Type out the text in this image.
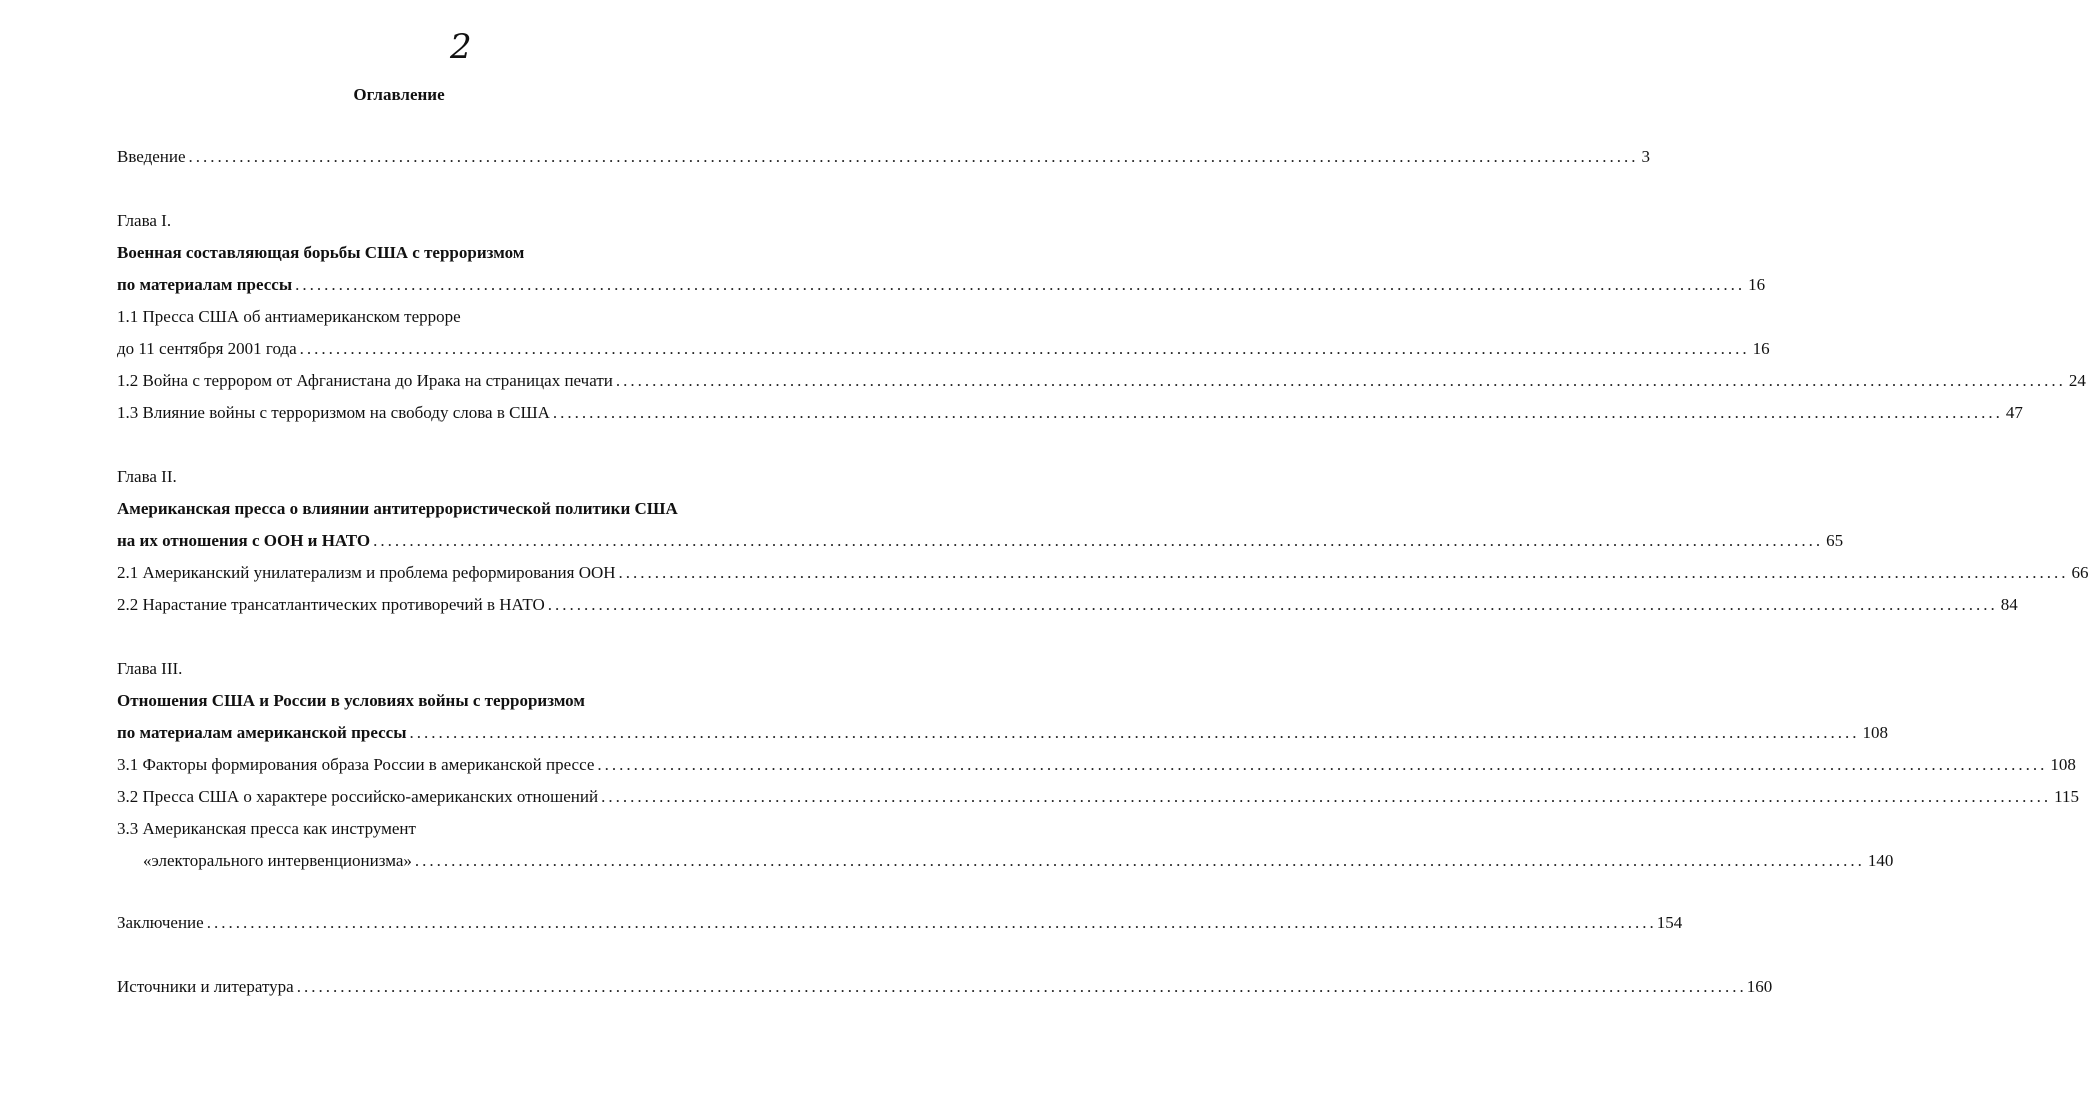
2
Оглавление
Введение ........................................................................................................................................................................................................ 3
Глава I.
Военная составляющая борьбы США с терроризмом
по материалам прессы ........................................................................................................................................................................................................ 16
1.1 Пресса США об антиамериканском терроре
до 11 сентября 2001 года ........................................................................................................................................................................................................ 16
1.2 Война с террором от Афганистана до Ирака на страницах печати ........................................................................................................................................................................................................ 24
1.3 Влияние войны с терроризмом на свободу слова в США ........................................................................................................................................................................................................ 47
Глава II.
Американская пресса о влиянии антитеррористической политики США
на их отношения с ООН и НАТО ........................................................................................................................................................................................................ 65
2.1 Американский унилатерализм и проблема реформирования ООН ........................................................................................................................................................................................................ 66
2.2 Нарастание трансатлантических противоречий в НАТО ........................................................................................................................................................................................................ 84
Глава III.
Отношения США и России в условиях войны с терроризмом
по материалам американской прессы ........................................................................................................................................................................................................ 108
3.1 Факторы формирования образа России в американской прессе ........................................................................................................................................................................................................ 108
3.2 Пресса США о характере российско-американских отношений ........................................................................................................................................................................................................ 115
3.3 Американская пресса как инструмент
«электорального интервенционизма» ........................................................................................................................................................................................................ 140
Заключение ........................................................................................................................................................................................................ 154
Источники и литература ........................................................................................................................................................................................................ 160
